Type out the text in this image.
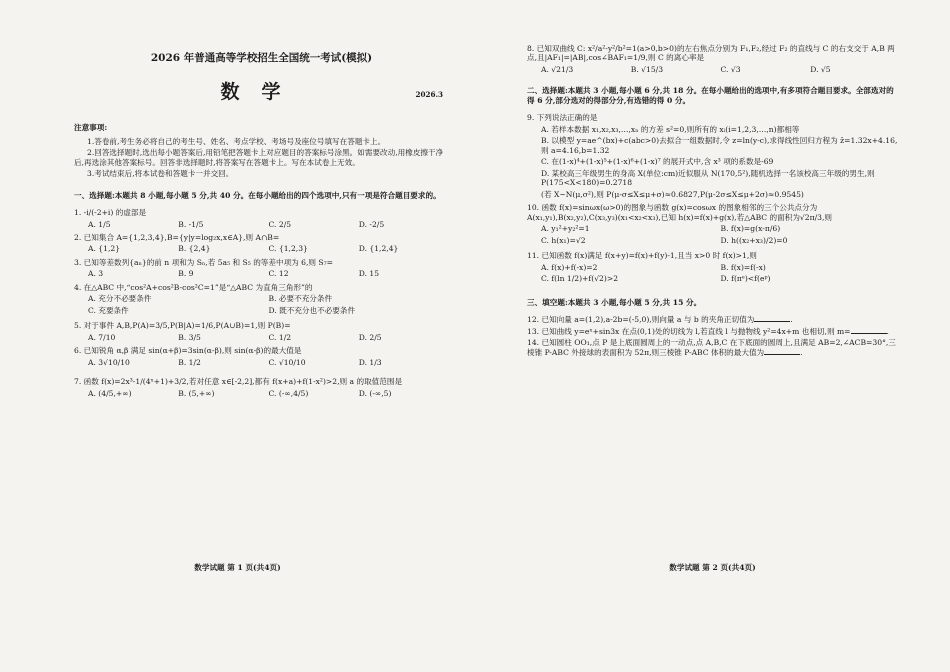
2026 年普通高等学校招生全国统一考试(模拟)
数学	2026.3
注意事项:

1.答卷前,考生务必将自己的考生号、姓名、考点学校、考场号及座位号填写在答题卡上。

2.回答选择题时,选出每小题答案后,用铅笔把答题卡上对应题目的答案标号涂黑。如需要改动,用橡皮擦干净后,再选涂其他答案标号。回答非选择题时,将答案写在答题卡上。写在本试卷上无效。

3.考试结束后,将本试卷和答题卡一并交回。

一、选择题:本题共 8 小题,每小题 5 分,共 40 分。在每小题给出的四个选项中,只有一项是符合题目要求的。
1. -i/(-2+i) 的虚部是
A. 1/5	B. -1/5	C. 2/5	D. -2/5
2. 已知集合 A={1,2,3,4},B={y|y=log₂x,x∈A},则 A∩B=
A. {1,2}	B. {2,4}	C. {1,2,3}	D. {1,2,4}
3. 已知等差数列{aₙ}的前 n 项和为 Sₙ,若 5a₅ 和 S₅ 的等差中项为 6,则 S₇=
A. 3	B. 9	C. 12	D. 15
4. 在△ABC 中,“cos²A+cos²B-cos²C=1”是“△ABC 为直角三角形”的
A. 充分不必要条件	B. 必要不充分条件
C. 充要条件	D. 既不充分也不必要条件
5. 对于事件 A,B,P(A)=3/5,P(B|A)=1/6,P(A∪B)=1,则 P(B)=
A. 7/10	B. 3/5	C. 1/2	D. 2/5
6. 已知锐角 α,β 满足 sin(α+β)=3sin(α-β),则 sin(α-β)的最大值是
A. 3√10/10	B. 1/2	C. √10/10	D. 1/3
7. 函数 f(x)=2x³-1/(4ˣ+1)+3/2,若对任意 x∈[-2,2],都有 f(x+a)+f(1-x²)>2,则 a 的取值范围是
A. (4/5,+∞)	B. (5,+∞)	C. (-∞,4/5)	D. (-∞,5)
数学试题 第 1 页(共4页)
8. 已知双曲线 C: x²/a²-y²/b²=1(a>0,b>0)的左右焦点分别为 F₁,F₂,经过 F₂ 的直线与 C 的右支交于 A,B 两点,且|AF₁|=|AB|,cos∠BAF₁=1/9,则 C 的离心率是
A. √21/3	B. √15/3	C. √3	D. √5
二、选择题:本题共 3 小题,每小题 6 分,共 18 分。在每小题给出的选项中,有多项符合题目要求。全部选对的得 6 分,部分选对的得部分分,有选错的得 0 分。
9. 下列说法正确的是
A. 若样本数据 x₁,x₂,x₃,…,xₙ 的方差 s²=0,则所有的 xᵢ(i=1,2,3,…,n)都相等
B. 以模型 y=ae^(bx)+c(abc>0)去拟合一组数据时,令 z=ln(y-c),求得线性回归方程为 ẑ=1.32x+4.16,则 a=4.16,b=1.32
C. 在(1-x)⁴+(1-x)⁵+(1-x)⁶+(1-x)⁷ 的展开式中,含 x³ 项的系数是-69
D. 某校高三年级男生的身高 X(单位:cm)近似服从 N(170,5²),随机选择一名该校高三年级的男生,则 P(175<X<180)=0.2718
(若 X~N(μ,σ²),则 P(μ-σ≤X≤μ+σ)≈0.6827,P(μ-2σ≤X≤μ+2σ)≈0.9545)
10. 函数 f(x)=sinωx(ω>0)的图象与函数 g(x)=cosωx 的图象相邻的三个公共点分为 A(x₁,y₁),B(x₂,y₂),C(x₃,y₃)(x₁<x₂<x₃),已知 h(x)=f(x)+g(x),若△ABC 的面积为√2π/3,则
A. y₁²+y₂²=1	B. f(x)=g(x-π/6)
C. h(x₁)=√2	D. h((x₂+x₃)/2)=0
11. 已知函数 f(x)满足 f(x+y)=f(x)+f(y)-1,且当 x>0 时 f(x)>1,则
A. f(x)+f(-x)=2	B. f(x)=f(-x)
C. f(ln 1/2)+f(√2)>2	D. f(πᵉ)<f(eᵖ)
三、填空题:本题共 3 小题,每小题 5 分,共 15 分。
12. 已知向量 a=(1,2),a-2b=(-5,0),则向量 a 与 b 的夹角正切值为	.
13. 已知曲线 y=eˣ+sin3x 在点(0,1)处的切线为 l,若直线 l 与抛物线 y²=4x+m 也相切,则 m=	.
14. 已知圆柱 OO₁,点 P 是上底面圆周上的一动点,点 A,B,C 在下底面的圆周上,且满足 AB=2,∠ACB=30°,三棱锥 P-ABC 外接球的表面积为 52π,则三棱锥 P-ABC 体积的最大值为	.
数学试题 第 2 页(共4页)
